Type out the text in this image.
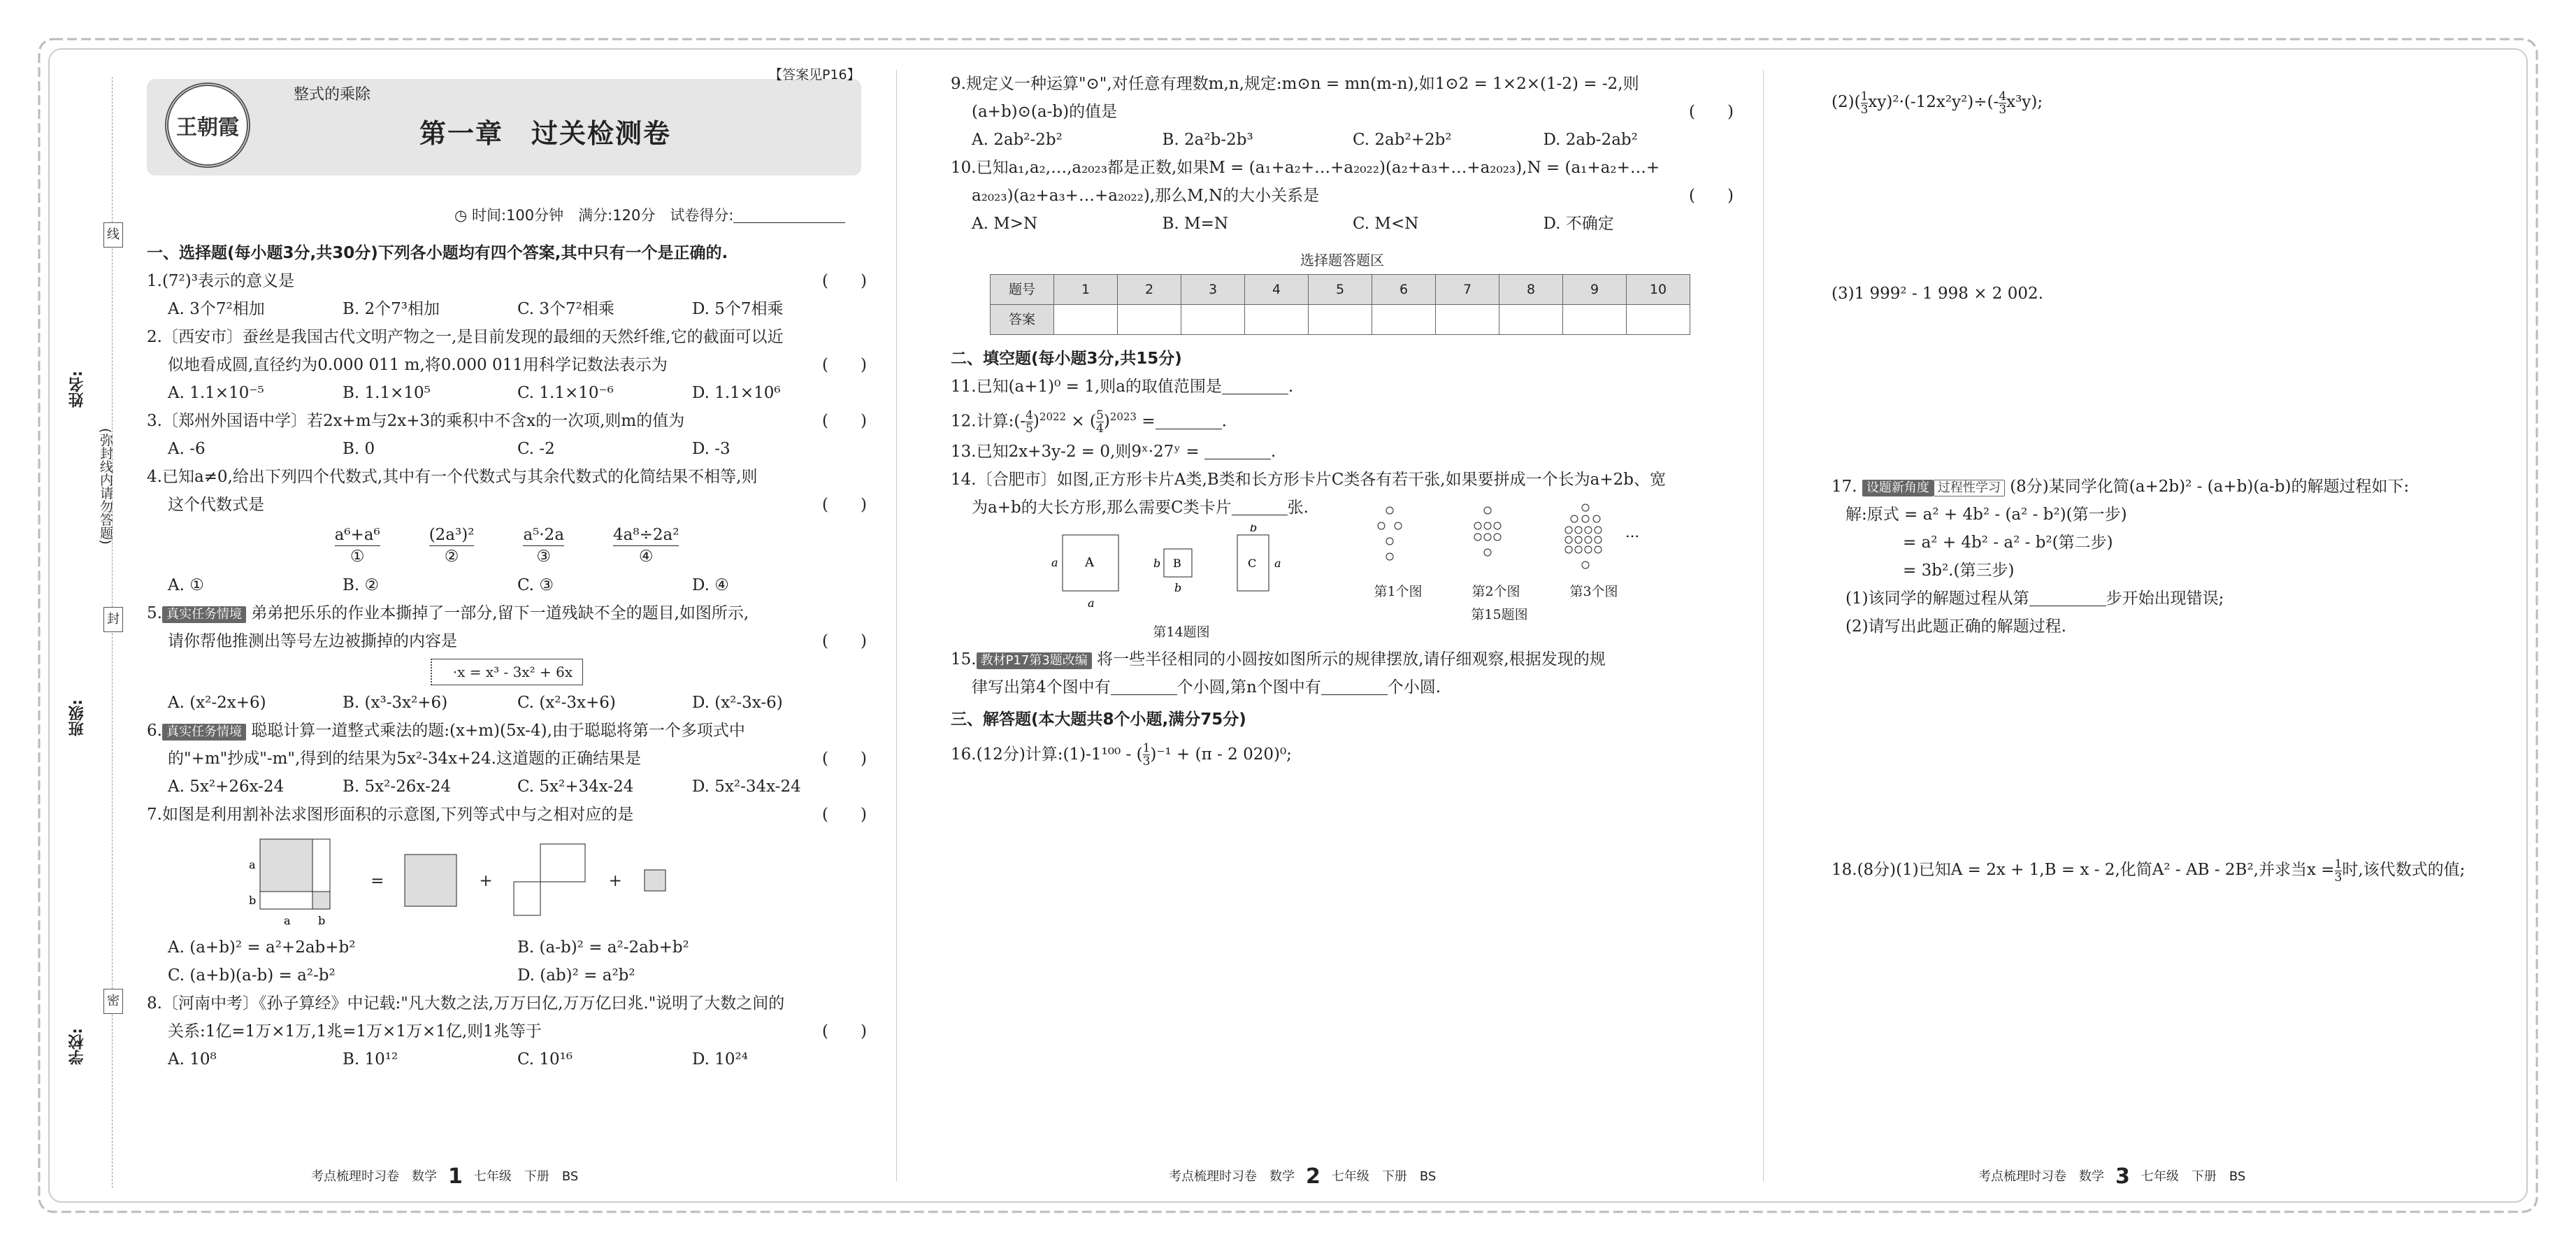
线
封
密
姓名:
班级:
学校:
(弥封线内请勿答题)
王朝霞
整式的乘除
第一章　过关检测卷
【答案见P16】
◷ 时间:100分钟　满分:120分　试卷得分:
一、选择题(每小题3分,共30分)下列各小题均有四个答案,其中只有一个是正确的.
1.(7²)³表示的意义是	(　　)
A. 3个7²相加	B. 2个7³相加	C. 3个7²相乘	D. 5个7相乘
2.〔西安市〕蚕丝是我国古代文明产物之一,是目前发现的最细的天然纤维,它的截面可以近
似地看成圆,直径约为0.000 011 m,将0.000 011用科学记数法表示为	(　　)
A. 1.1×10⁻⁵	B. 1.1×10⁵	C. 1.1×10⁻⁶	D. 1.1×10⁶
3.〔郑州外国语中学〕若2x+m与2x+3的乘积中不含x的一次项,则m的值为	(　　)
A. -6	B. 0	C. -2	D. -3
4.已知a≠0,给出下列四个代数式,其中有一个代数式与其余代数式的化简结果不相等,则
这个代数式是	(　　)
a⁶+a⁶
①
(2a³)²
②
a⁵·2a
③
4a⁸÷2a²
④
A. ①	B. ②	C. ③	D. ④
5. 真实任务情境 弟弟把乐乐的作业本撕掉了一部分,留下一道残缺不全的题目,如图所示,
请你帮他推测出等号左边被撕掉的内容是	(　　)
·x = x³ - 3x² + 6x
A. (x²-2x+6)	B. (x³-3x²+6)	C. (x²-3x+6)	D. (x²-3x-6)
6. 真实任务情境 聪聪计算一道整式乘法的题:(x+m)(5x-4),由于聪聪将第一个多项式中
的"+m"抄成"-m",得到的结果为5x²-34x+24.这道题的正确结果是	(　　)
A. 5x²+26x-24	B. 5x²-26x-24	C. 5x²+34x-24	D. 5x²-34x-24
7.如图是利用割补法求图形面积的示意图,下列等式中与之相对应的是	(　　)
a
b
a b
=	+	+
A. (a+b)² = a²+2ab+b²	B. (a-b)² = a²-2ab+b²
C. (a+b)(a-b) = a²-b²	D. (ab)² = a²b²
8.〔河南中考〕《孙子算经》中记载:"凡大数之法,万万曰亿,万万亿曰兆."说明了大数之间的
关系:1亿=1万×1万,1兆=1万×1万×1亿,则1兆等于	(　　)
A. 10⁸	B. 10¹²	C. 10¹⁶	D. 10²⁴
9.规定义一种运算"⊙",对任意有理数m,n,规定:m⊙n = mn(m-n),如1⊙2 = 1×2×(1-2) = -2,则
(a+b)⊙(a-b)的值是	(　　)
A. 2ab²-2b²	B. 2a²b-2b³	C. 2ab²+2b²	D. 2ab-2ab²
10.已知a₁,a₂,…,a₂₀₂₃都是正数,如果M = (a₁+a₂+…+a₂₀₂₂)(a₂+a₃+…+a₂₀₂₃),N = (a₁+a₂+…+
a₂₀₂₃)(a₂+a₃+…+a₂₀₂₂),那么M,N的大小关系是	(　　)
A. M>N	B. M=N	C. M<N	D. 不确定
选择题答题区
题号	1	2	3	4	5	6	7	8	9	10
答案										
二、填空题(每小题3分,共15分)
11.已知(a+1)⁰ = 1,则a的取值范围是	.
12.计算:(- $\frac{4}{5} )^{2022}$ × ( $\frac{5}{4} )^{2023}$ =	.
13.已知2x+3y-2 = 0,则9ˣ·27ʸ =	.
14.〔合肥市〕如图,正方形卡片A类,B类和长方形卡片C类各有若干张,如果要拼成一个长为a+2b、宽
为a+b的大长方形,那么需要C类卡片	张.
A
a
a
B
b
b
C
b
a
第14题图
…
第1个图	第2个图	第3个图
第15题图
15. 教材P17第3题改编 将一些半径相同的小圆按如图所示的规律摆放,请仔细观察,根据发现的规
律写出第4个图中有	个小圆,第n个图中有	个小圆.
三、解答题(本大题共8个小题,满分75分)
16.(12分)计算:(1)-1¹⁰⁰ - ( $\frac{1}{3} )^{-1} + (\pi - 2$ 020)⁰;
$(2)( \frac{1}{3} xy)^2\cdot(-12x^2y^2)\div(- \frac{4}{3} x^3y)$;
(3)1 999² - 1 998 × 2 002.
17. 设题新角度 过程性学习 (8分)某同学化简(a+2b)² - (a+b)(a-b)的解题过程如下:
解:原式 = a² + 4b² - (a² - b²)(第一步)
= a² + 4b² - a² - b²(第二步)
= 3b².(第三步)
(1)该同学的解题过程从第	步开始出现错误;
(2)请写出此题正确的解题过程.
18.(8分)(1)已知A = 2x + 1,B = x - 2,化简A² - AB - 2B²,并求当$x = \frac{1}{3}$ 时,该代数式的值;
考点梳理时习卷　数学 1 七年级　下册　BS	考点梳理时习卷　数学 2 七年级　下册　BS	考点梳理时习卷　数学 3 七年级　下册　BS
